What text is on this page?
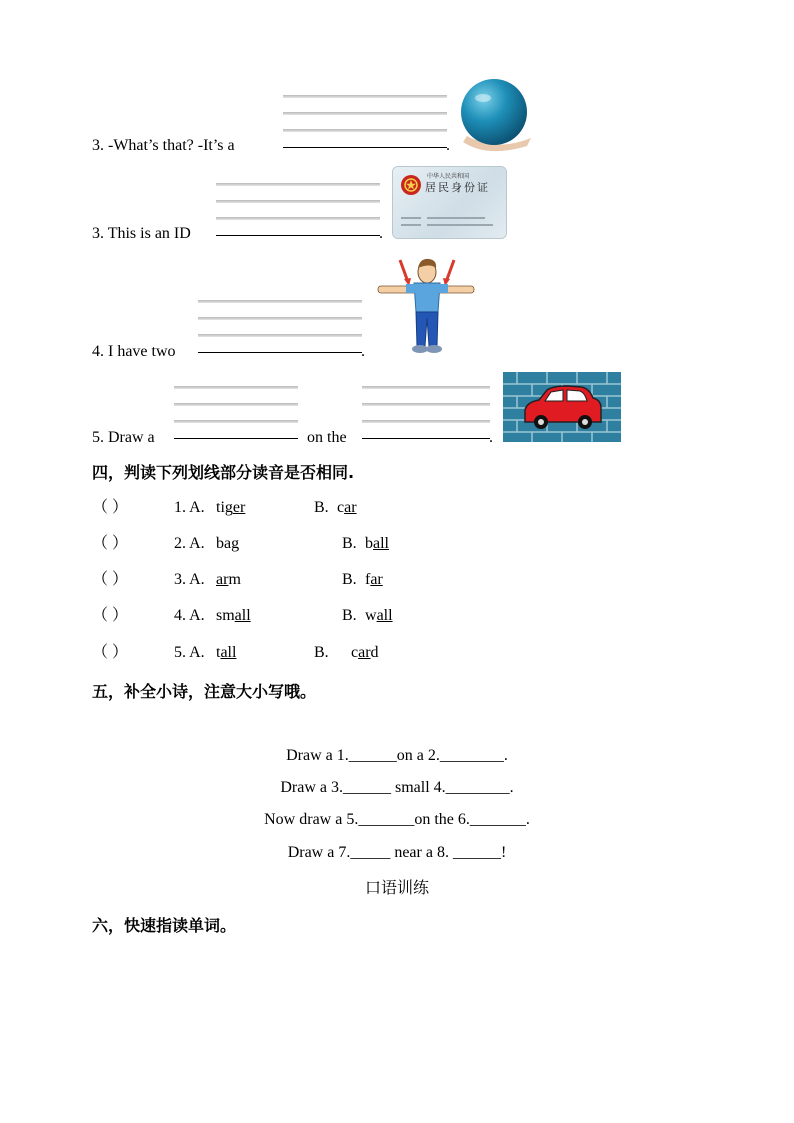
3. -What’s that? -It’s a	.
3. This is an ID	.
中华人民共和国
居民身份证
4. I have two	.
5. Draw a	on the	.
四，判读下列划线部分读音是否相同.
（ ）	1. A. tiger	B. car
（ ）	2. A. bag	B. ball
（ ）	3. A. arm	B. far
（ ）	4. A. small	B. wall
（ ）	5. A. tall	B. card
五，补全小诗，注意大小写哦。
Draw a 1.______on a 2.________.
Draw a 3.______ small 4.________.
Now draw a 5._______on the 6._______.
Draw a 7._____ near a 8. ______!
口语训练
六，快速指读单词。
